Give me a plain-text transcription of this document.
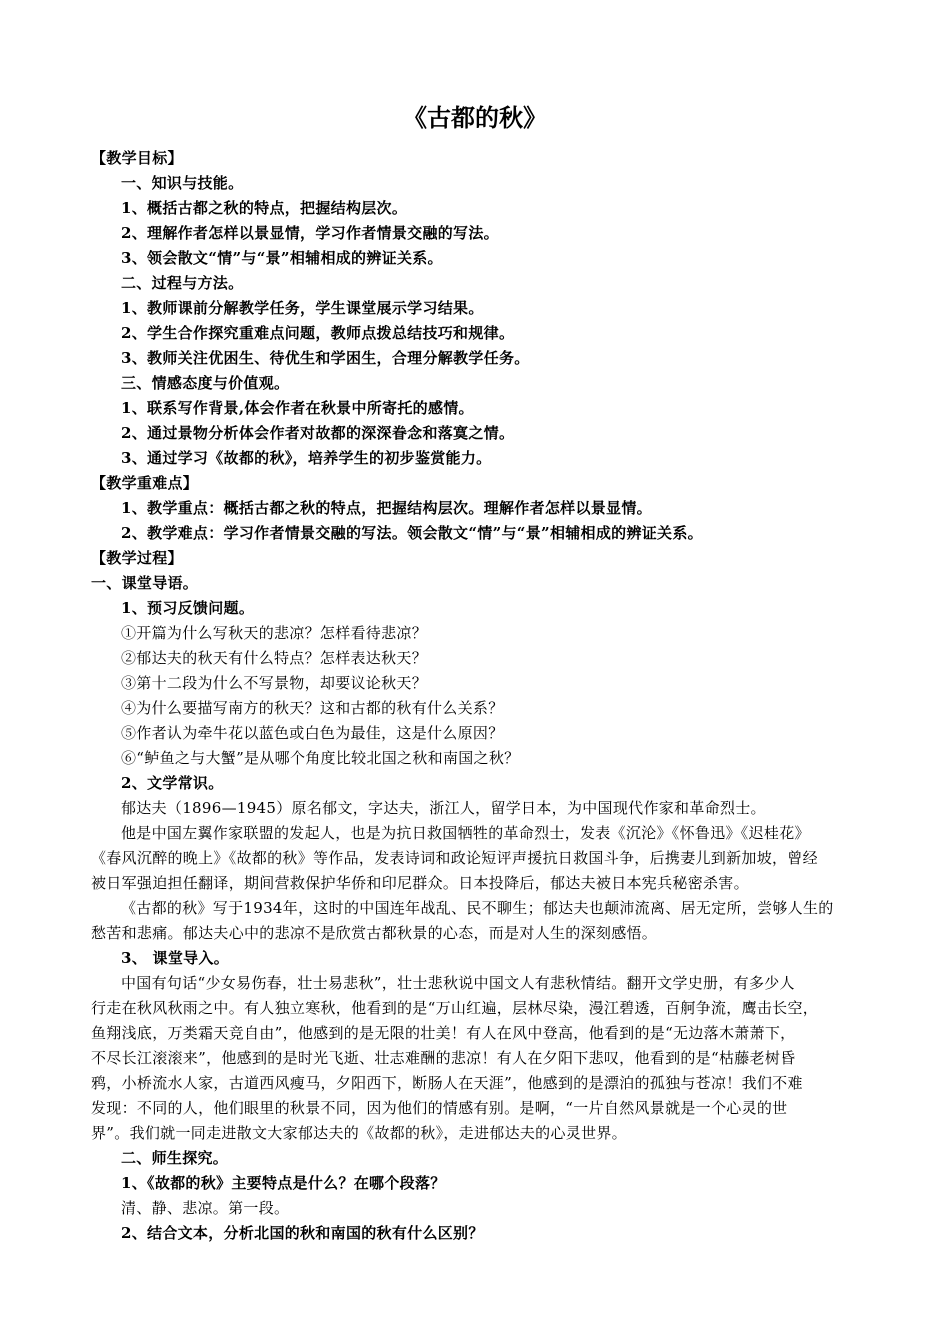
《古都的秋》
【教学目标】
一、知识与技能。
1、概括古都之秋的特点，把握结构层次。
2、理解作者怎样以景显情，学习作者情景交融的写法。
3、领会散文“情”与“景”相辅相成的辨证关系。
二、过程与方法。
1、教师课前分解教学任务，学生课堂展示学习结果。
2、学生合作探究重难点问题，教师点拨总结技巧和规律。
3、教师关注优困生、待优生和学困生，合理分解教学任务。
三、情感态度与价值观。
1、联系写作背景,体会作者在秋景中所寄托的感情。
2、通过景物分析体会作者对故都的深深眷念和落寞之情。
3、通过学习《故都的秋》，培养学生的初步鉴赏能力。
【教学重难点】
1、教学重点：概括古都之秋的特点，把握结构层次。理解作者怎样以景显情。
2、教学难点：学习作者情景交融的写法。领会散文“情”与“景”相辅相成的辨证关系。
【教学过程】
一、课堂导语。
1、预习反馈问题。
①开篇为什么写秋天的悲凉？怎样看待悲凉？
②郁达夫的秋天有什么特点？怎样表达秋天？
③第十二段为什么不写景物，却要议论秋天？
④为什么要描写南方的秋天？这和古都的秋有什么关系？
⑤作者认为牵牛花以蓝色或白色为最佳，这是什么原因？
⑥“鲈鱼之与大蟹”是从哪个角度比较北国之秋和南国之秋？
2、文学常识。
郁达夫（1896—1945）原名郁文，字达夫，浙江人，留学日本，为中国现代作家和革命烈士。
他是中国左翼作家联盟的发起人，也是为抗日救国牺牲的革命烈士，发表《沉沦》《怀鲁迅》《迟桂花》
《春风沉醉的晚上》《故都的秋》等作品，发表诗词和政论短评声援抗日救国斗争，后携妻儿到新加坡，曾经
被日军强迫担任翻译，期间营救保护华侨和印尼群众。日本投降后，郁达夫被日本宪兵秘密杀害。
《古都的秋》写于1934年，这时的中国连年战乱、民不聊生；郁达夫也颠沛流离、居无定所，尝够人生的
愁苦和悲痛。郁达夫心中的悲凉不是欣赏古都秋景的心态，而是对人生的深刻感悟。
3、 课堂导入。
中国有句话“少女易伤春，壮士易悲秋”，壮士悲秋说中国文人有悲秋情结。翻开文学史册，有多少人
行走在秋风秋雨之中。有人独立寒秋，他看到的是“万山红遍，层林尽染，漫江碧透，百舸争流，鹰击长空，
鱼翔浅底，万类霜天竞自由”，他感到的是无限的壮美！有人在风中登高，他看到的是“无边落木萧萧下，
不尽长江滚滚来”，他感到的是时光飞逝、壮志难酬的悲凉！有人在夕阳下悲叹，他看到的是“枯藤老树昏
鸦，小桥流水人家，古道西风瘦马，夕阳西下，断肠人在天涯”，他感到的是漂泊的孤独与苍凉！我们不难
发现：不同的人，他们眼里的秋景不同，因为他们的情感有别。是啊，“一片自然风景就是一个心灵的世
界”。我们就一同走进散文大家郁达夫的《故都的秋》，走进郁达夫的心灵世界。
二、师生探究。
1、《故都的秋》主要特点是什么？在哪个段落？
清、静、悲凉。第一段。
2、结合文本，分析北国的秋和南国的秋有什么区别？
